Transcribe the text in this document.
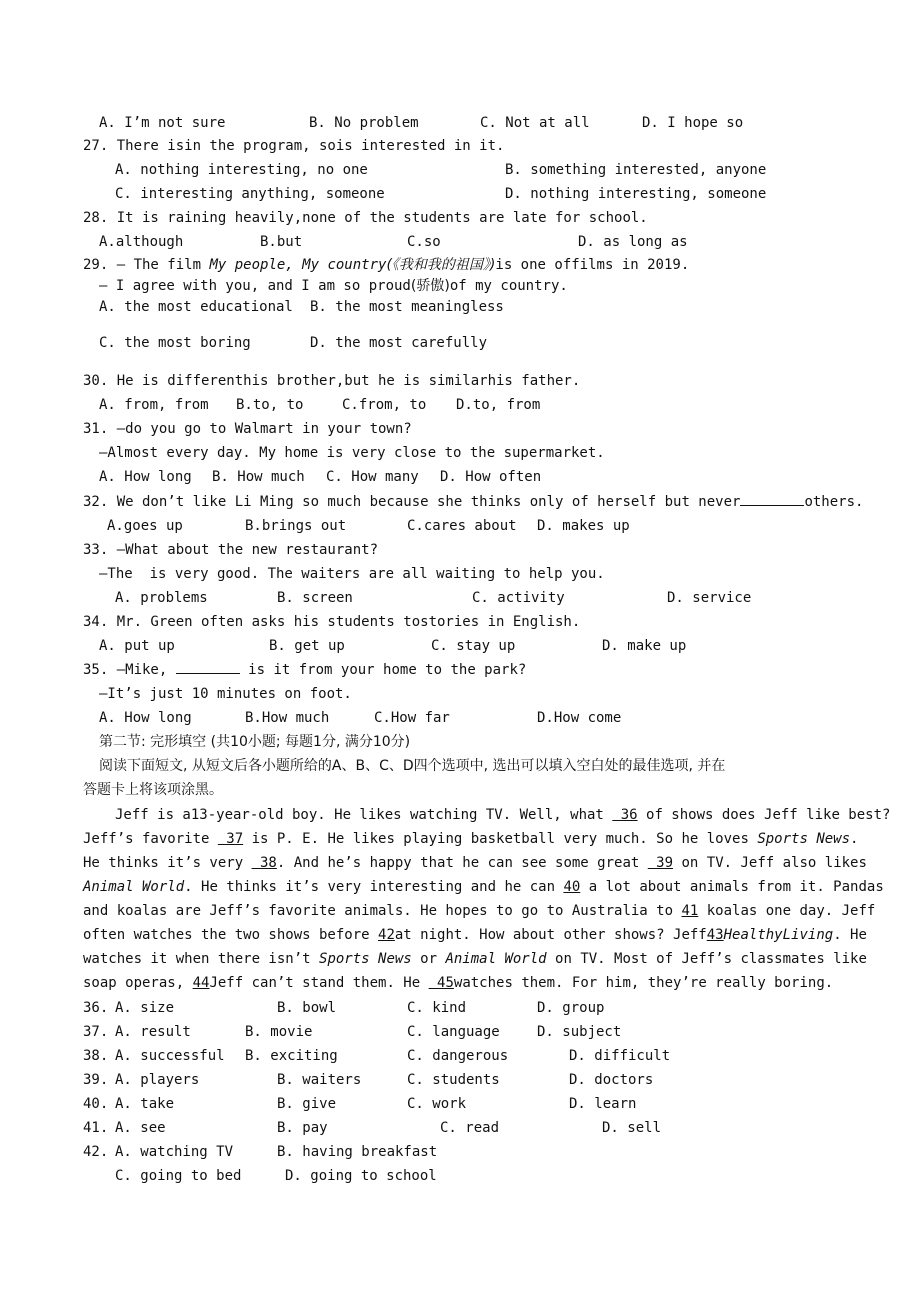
A. I’m not sure	B. No problem	C. Not at all	D. I hope so
27. There isin the program, sois interested in it.
A. nothing interesting, no one	B. something interested, anyone
C. interesting anything, someone	D. nothing interesting, someone
28. It is raining heavily,none of the students are late for school.
A.although	B.but	C.so	D. as long as
29. — The film My people, My country(《我和我的祖国》)is one offilms in 2019.
— I agree with you, and I am so proud(骄傲)of my country.
A. the most educational B. the most meaningless
C. the most boring	D. the most carefully
30. He is differenthis brother,but he is similarhis father.
A. from, from B.to, to	C.from, to D.to, from
31. —do you go to Walmart in your town?
—Almost every day. My home is very close to the supermarket.
A. How long B. How much C. How many D. How often
32. We don’t like Li Ming so much because she thinks only of herself but never	others.
A.goes up	B.brings out	C.cares about D. makes up
33. —What about the new restaurant?
—The  is very good. The waiters are all waiting to help you.
A. problems	B. screen	C. activity	D. service
34. Mr. Green often asks his students tostories in English.
A. put up	B. get up	C. stay up	D. make up
35. —Mike,	is it from your home to the park?
—It’s just 10 minutes on foot.
A. How long	B.How much	C.How far	D.How come
第二节: 完形填空 (共10小题; 每题1分, 满分10分)
阅读下面短文, 从短文后各小题所给的A、B、C、D四个选项中, 选出可以填入空白处的最佳选项, 并在
答题卡上将该项涂黑。
Jeff is a13-year-old boy. He likes watching TV. Well, what  36 of shows does Jeff like best?
Jeff’s favorite  37 is P. E. He likes playing basketball very much. So he loves Sports News.
He thinks it’s very  38. And he’s happy that he can see some great  39 on TV. Jeff also likes
Animal World. He thinks it’s very interesting and he can 40 a lot about animals from it. Pandas
and koalas are Jeff’s favorite animals. He hopes to go to Australia to 41 koalas one day. Jeff
often watches the two shows before 42at night. How about other shows? Jeff43HealthyLiving. He
watches it when there isn’t Sports News or Animal World on TV. Most of Jeff’s classmates like
soap operas, 44Jeff can’t stand them. He  45watches them. For him, they’re really boring.
36. A. size	B. bowl	C. kind	D. group
37. A. result	B. movie	C. language	D. subject
38. A. successful B. exciting	C. dangerous	D. difficult
39. A. players	B. waiters	C. students	D. doctors
40. A. take	B. give	C. work	D. learn
41. A. see	B. pay	C. read	D. sell
42. A. watching TV	B. having breakfast
C. going to bed	D. going to school
